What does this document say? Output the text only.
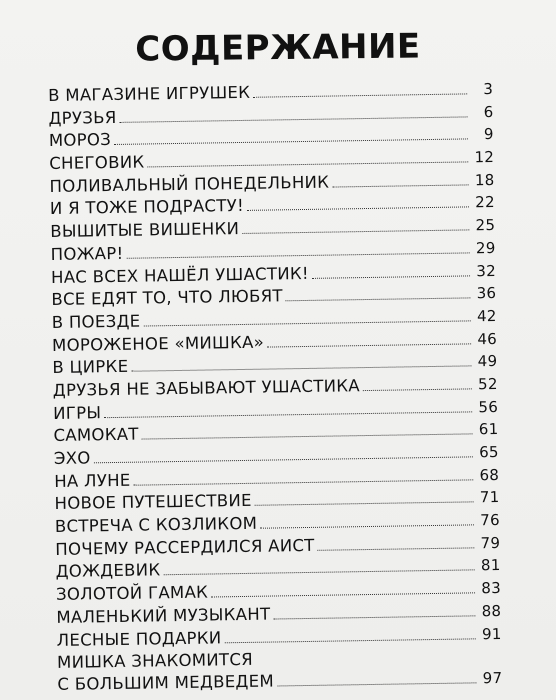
СОДЕРЖАНИЕ
В МАГАЗИНЕ ИГРУШЕК	3
ДРУЗЬЯ	6
МОРОЗ	9
СНЕГОВИК	12
ПОЛИВАЛЬНЫЙ ПОНЕДЕЛЬНИК	18
И Я ТОЖЕ ПОДРАСТУ!	22
ВЫШИТЫЕ ВИШЕНКИ	25
ПОЖАР!	29
НАС ВСЕХ НАШЁЛ УШАСТИК!	32
ВСЕ ЕДЯТ ТО, ЧТО ЛЮБЯТ	36
В ПОЕЗДЕ	42
МОРОЖЕНОЕ «МИШКА»	46
В ЦИРКЕ	49
ДРУЗЬЯ НЕ ЗАБЫВАЮТ УШАСТИКА	52
ИГРЫ	56
САМОКАТ	61
ЭХО	65
НА ЛУНЕ	68
НОВОЕ ПУТЕШЕСТВИЕ	71
ВСТРЕЧА С КОЗЛИКОМ	76
ПОЧЕМУ РАССЕРДИЛСЯ АИСТ	79
ДОЖДЕВИК	81
ЗОЛОТОЙ ГАМАК	83
МАЛЕНЬКИЙ МУЗЫКАНТ	88
ЛЕСНЫЕ ПОДАРКИ	91
МИШКА ЗНАКОМИТСЯ
С БОЛЬШИМ МЕДВЕДЕМ	97
